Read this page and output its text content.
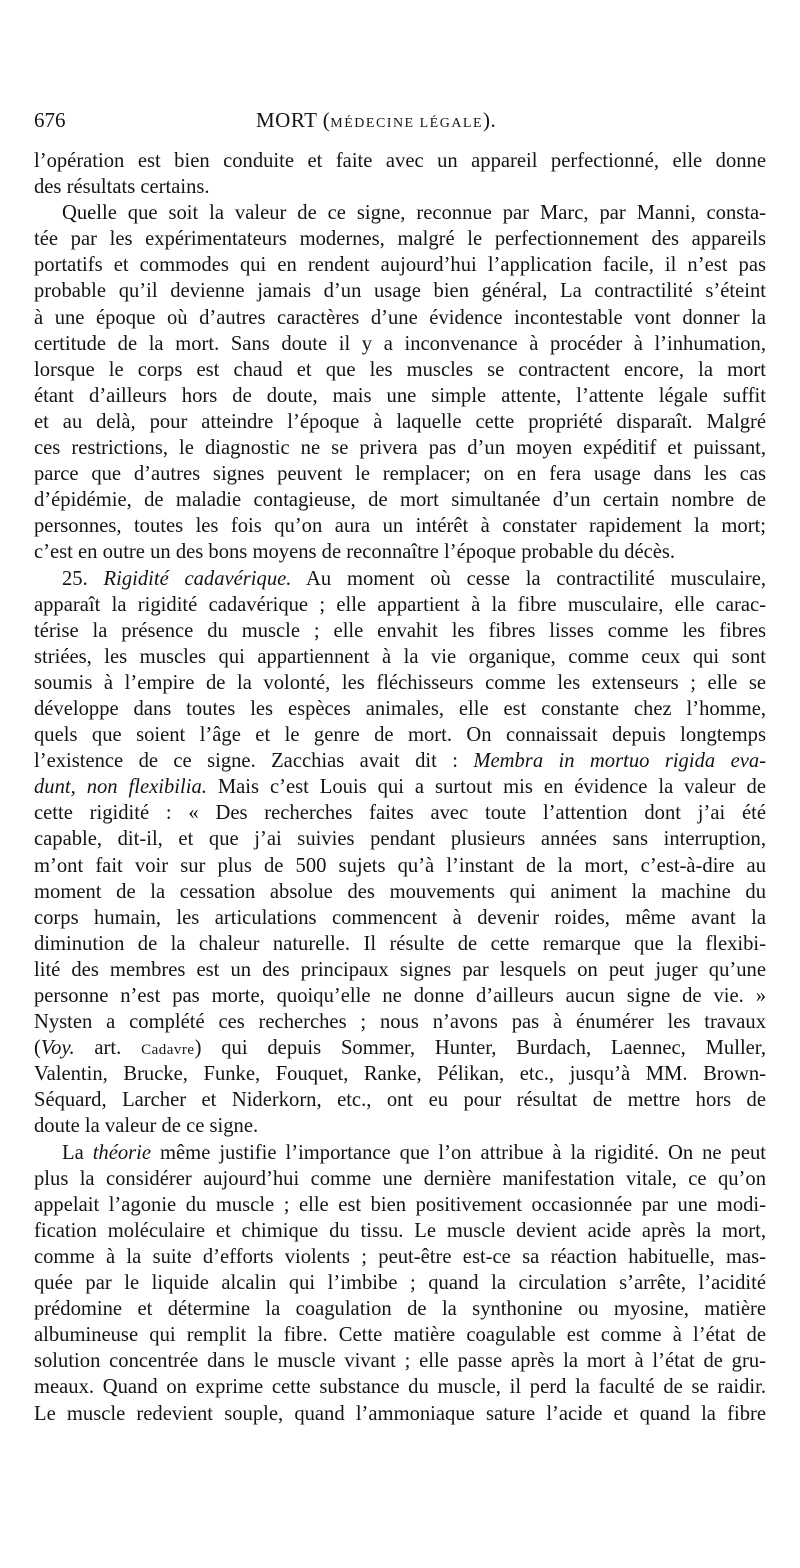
676	MORT (MÉDECINE LÉGALE).
l’opération est bien conduite et faite avec un appareil perfectionné, elle donne
des résultats certains.
Quelle que soit la valeur de ce signe, reconnue par Marc, par Manni, consta-
tée par les expérimentateurs modernes, malgré le perfectionnement des appareils
portatifs et commodes qui en rendent aujourd’hui l’application facile, il n’est pas
probable qu’il devienne jamais d’un usage bien général, La contractilité s’éteint
à une époque où d’autres caractères d’une évidence incontestable vont donner la
certitude de la mort. Sans doute il y a inconvenance à procéder à l’inhumation,
lorsque le corps est chaud et que les muscles se contractent encore, la mort
étant d’ailleurs hors de doute, mais une simple attente, l’attente légale suffit
et au delà, pour atteindre l’époque à laquelle cette propriété disparaît. Malgré
ces restrictions, le diagnostic ne se privera pas d’un moyen expéditif et puissant,
parce que d’autres signes peuvent le remplacer; on en fera usage dans les cas
d’épidémie, de maladie contagieuse, de mort simultanée d’un certain nombre de
personnes, toutes les fois qu’on aura un intérêt à constater rapidement la mort;
c’est en outre un des bons moyens de reconnaître l’époque probable du décès.
25. Rigidité cadavérique. Au moment où cesse la contractilité musculaire,
apparaît la rigidité cadavérique ; elle appartient à la fibre musculaire, elle carac-
térise la présence du muscle ; elle envahit les fibres lisses comme les fibres
striées, les muscles qui appartiennent à la vie organique, comme ceux qui sont
soumis à l’empire de la volonté, les fléchisseurs comme les extenseurs ; elle se
développe dans toutes les espèces animales, elle est constante chez l’homme,
quels que soient l’âge et le genre de mort. On connaissait depuis longtemps
l’existence de ce signe. Zacchias avait dit : Membra in mortuo rigida eva-
dunt, non flexibilia. Mais c’est Louis qui a surtout mis en évidence la valeur de
cette rigidité : « Des recherches faites avec toute l’attention dont j’ai été
capable, dit-il, et que j’ai suivies pendant plusieurs années sans interruption,
m’ont fait voir sur plus de 500 sujets qu’à l’instant de la mort, c’est-à-dire au
moment de la cessation absolue des mouvements qui animent la machine du
corps humain, les articulations commencent à devenir roides, même avant la
diminution de la chaleur naturelle. Il résulte de cette remarque que la flexibi-
lité des membres est un des principaux signes par lesquels on peut juger qu’une
personne n’est pas morte, quoiqu’elle ne donne d’ailleurs aucun signe de vie. »
Nysten a complété ces recherches ; nous n’avons pas à énumérer les travaux
(Voy. art. Cadavre) qui depuis Sommer, Hunter, Burdach, Laennec, Muller,
Valentin, Brucke, Funke, Fouquet, Ranke, Pélikan, etc., jusqu’à MM. Brown-
Séquard, Larcher et Niderkorn, etc., ont eu pour résultat de mettre hors de
doute la valeur de ce signe.
La théorie même justifie l’importance que l’on attribue à la rigidité. On ne peut
plus la considérer aujourd’hui comme une dernière manifestation vitale, ce qu’on
appelait l’agonie du muscle ; elle est bien positivement occasionnée par une modi-
fication moléculaire et chimique du tissu. Le muscle devient acide après la mort,
comme à la suite d’efforts violents ; peut-être est-ce sa réaction habituelle, mas-
quée par le liquide alcalin qui l’imbibe ; quand la circulation s’arrête, l’acidité
prédomine et détermine la coagulation de la synthonine ou myosine, matière
albumineuse qui remplit la fibre. Cette matière coagulable est comme à l’état de
solution concentrée dans le muscle vivant ; elle passe après la mort à l’état de gru-
meaux. Quand on exprime cette substance du muscle, il perd la faculté de se raidir.
Le muscle redevient souple, quand l’ammoniaque sature l’acide et quand la fibre
